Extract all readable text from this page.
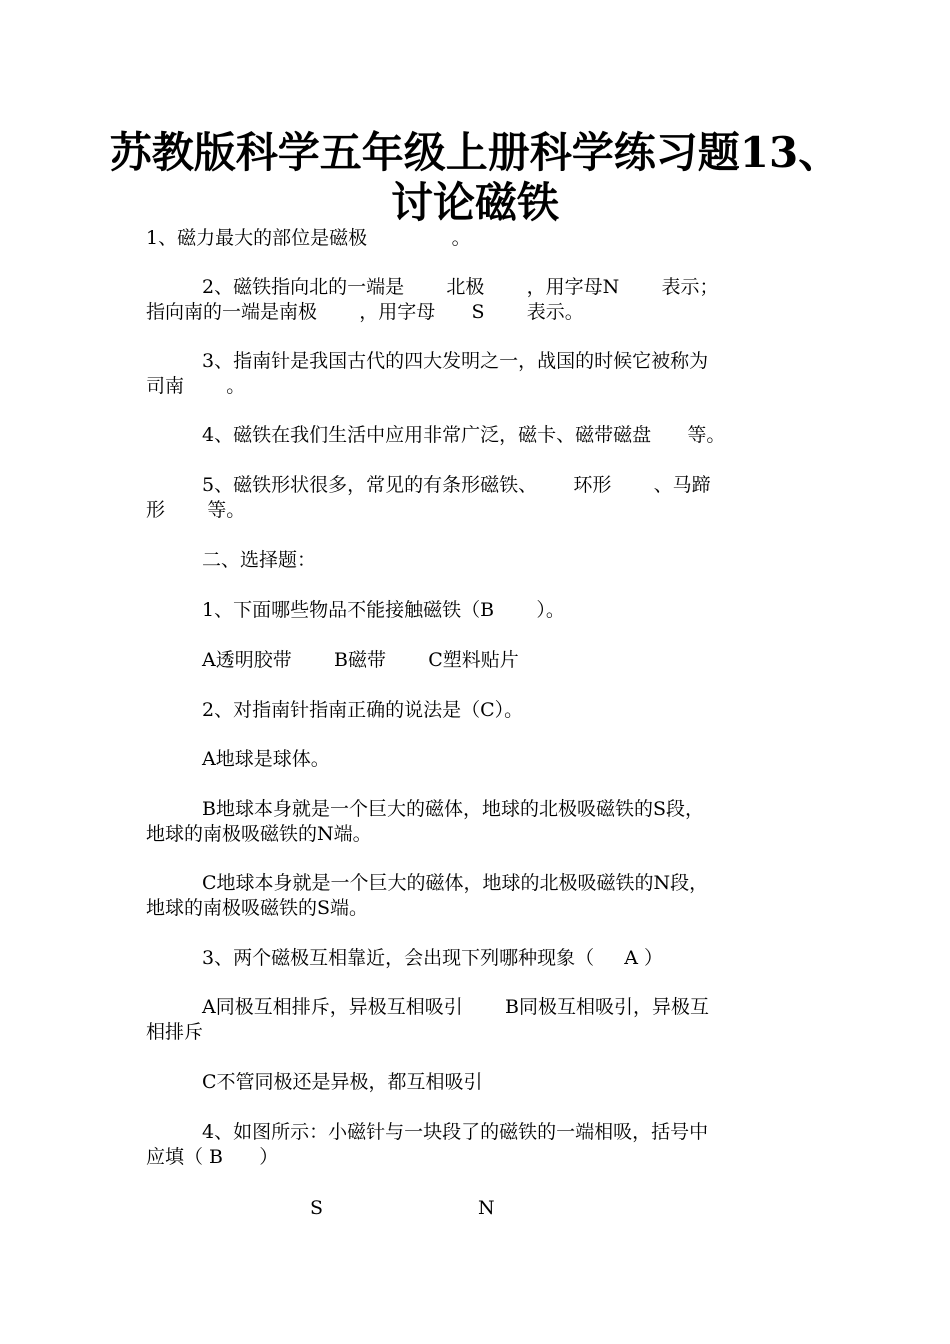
苏教版科学五年级上册科学练习题13、
讨论磁铁
1、磁力最大的部位是磁极              。
2、磁铁指向北的一端是       北极       ，用字母N       表示；
指向南的一端是南极       ，用字母      S       表示。
3、指南针是我国古代的四大发明之一，战国的时候它被称为
司南       。
4、磁铁在我们生活中应用非常广泛，磁卡、磁带磁盘      等。
5、磁铁形状很多，常见的有条形磁铁、      环形       、马蹄
形       等。
二、选择题：
1、下面哪些物品不能接触磁铁（B       ）。
A透明胶带       B磁带       C塑料贴片
2、对指南针指南正确的说法是（C）。
A地球是球体。
B地球本身就是一个巨大的磁体，地球的北极吸磁铁的S段，
地球的南极吸磁铁的N端。
C地球本身就是一个巨大的磁体，地球的北极吸磁铁的N段，
地球的南极吸磁铁的S端。
3、两个磁极互相靠近，会出现下列哪种现象（     A ）
A同极互相排斥，异极互相吸引       B同极互相吸引，异极互
相排斥
C不管同极还是异极，都互相吸引
4、如图所示：小磁针与一块段了的磁铁的一端相吸，括号中
应填（ B      ）
S	N
